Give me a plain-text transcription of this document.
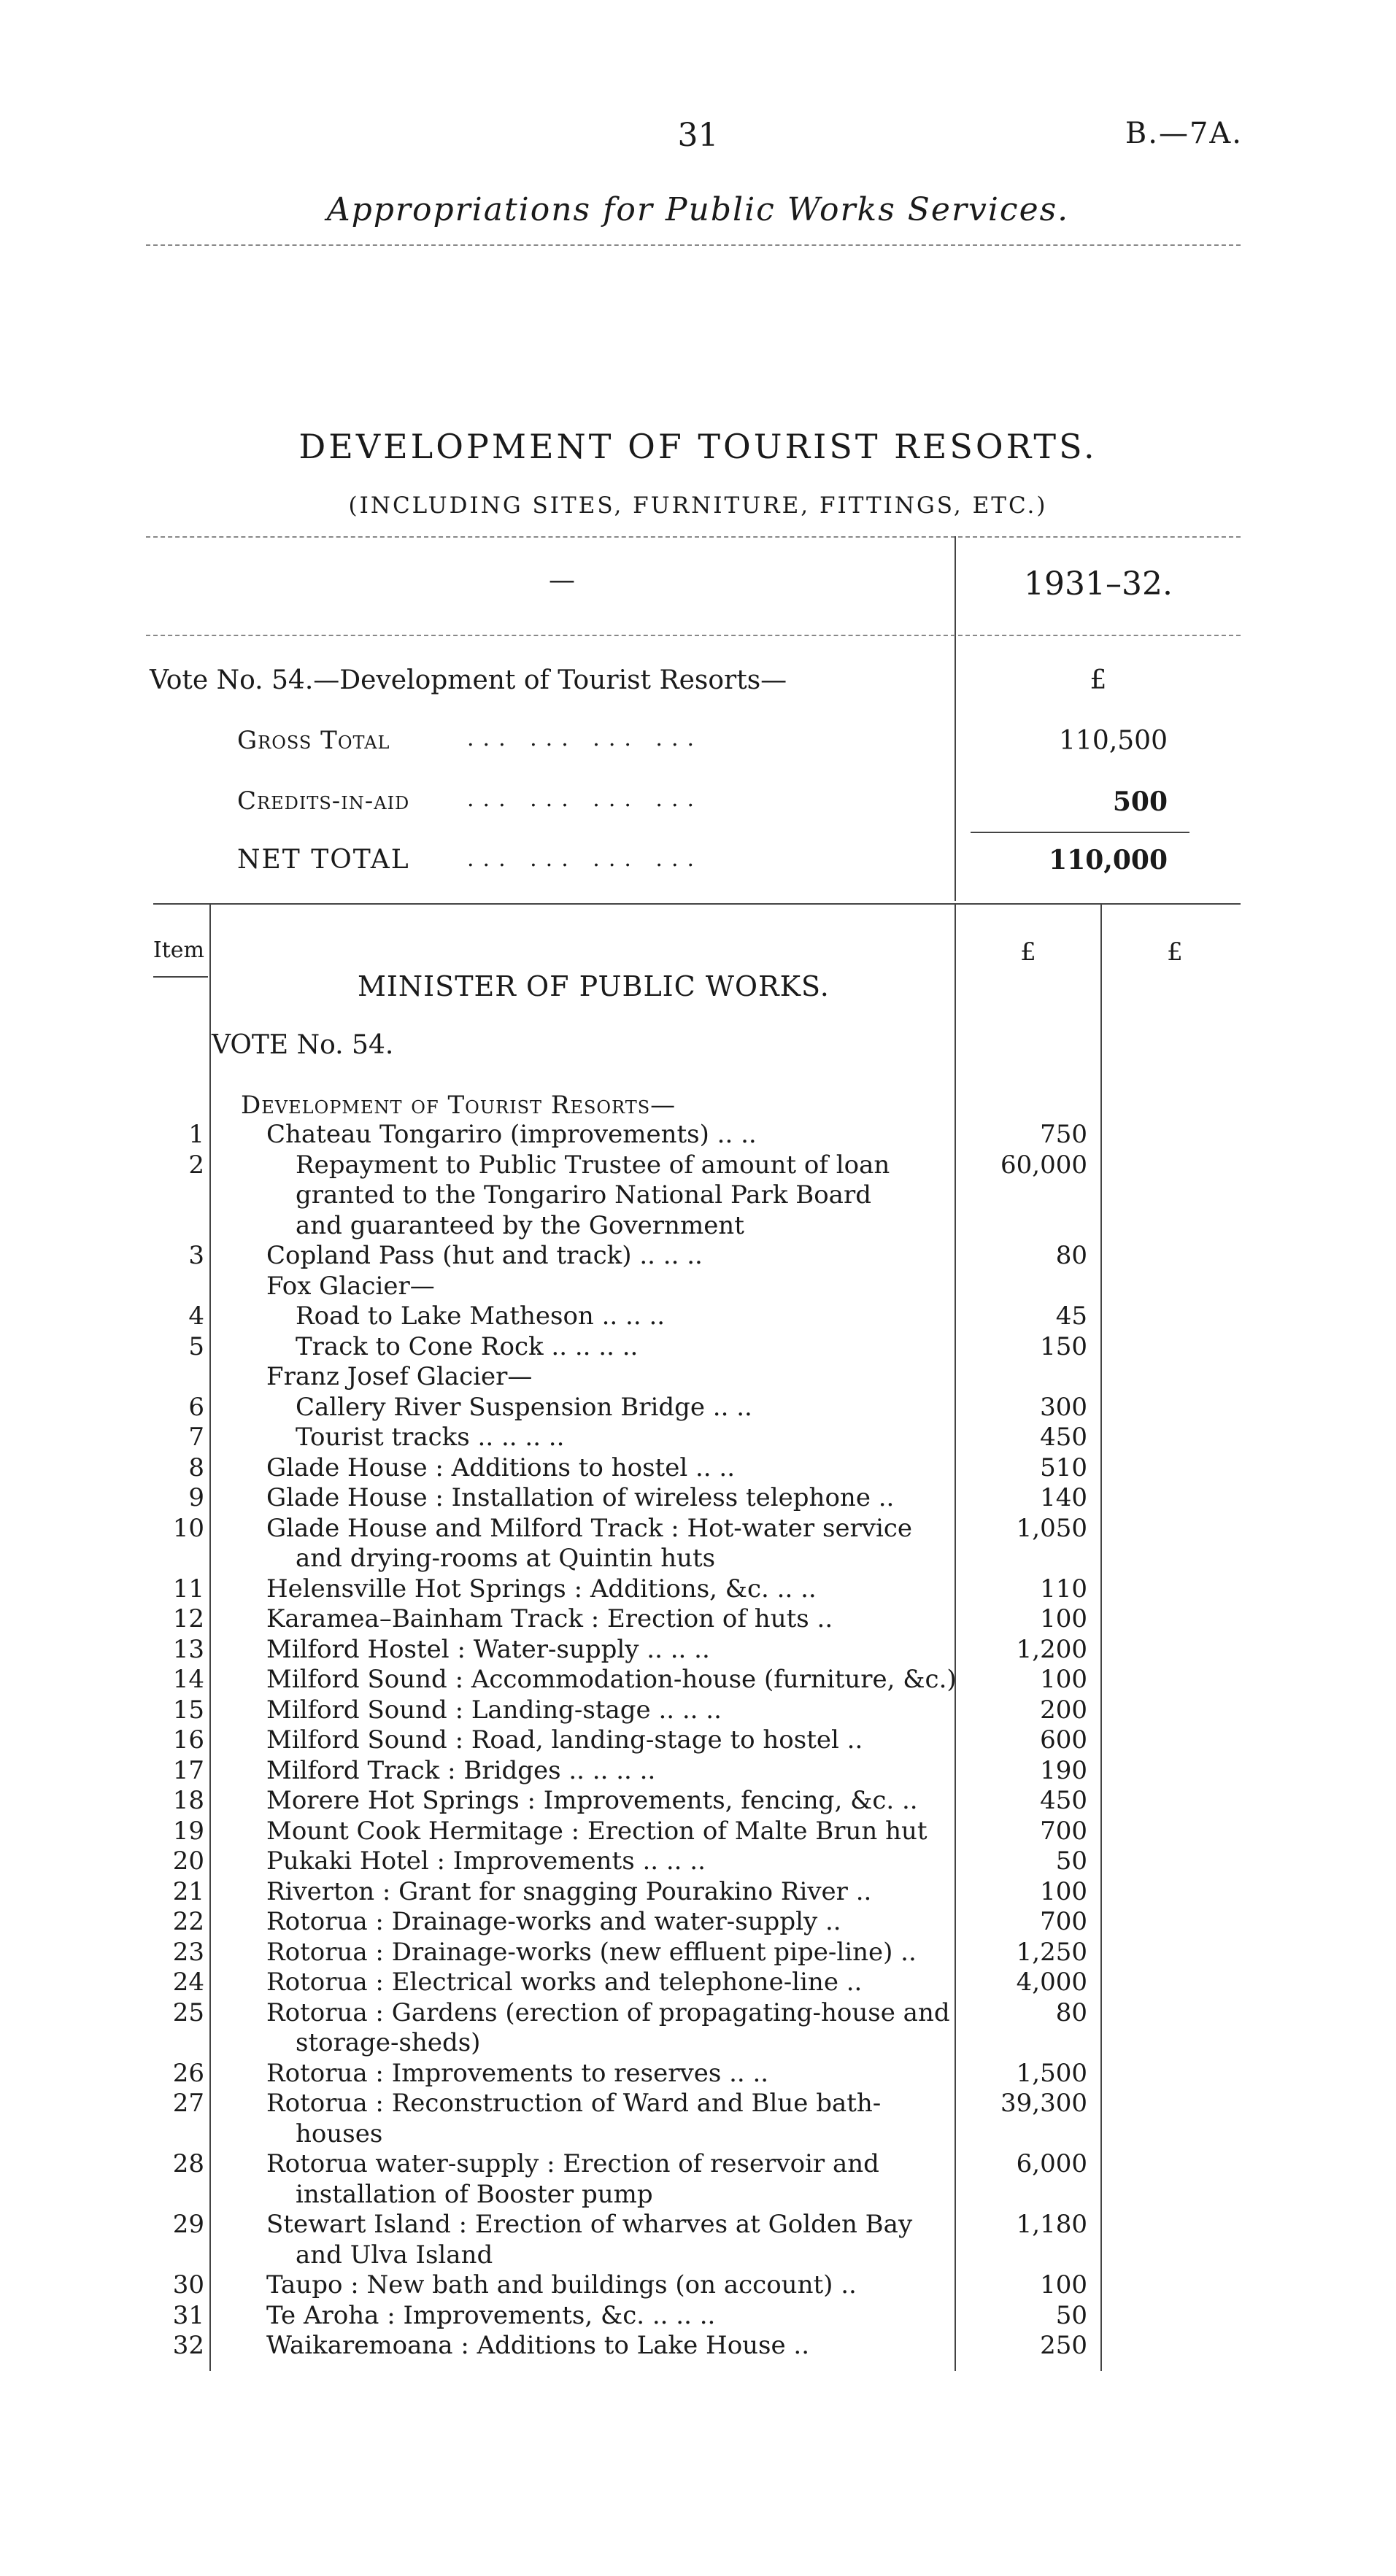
31	B.—7A.
Appropriations for Public Works Services.
DEVELOPMENT OF TOURIST RESORTS.
(INCLUDING SITES, FURNITURE, FITTINGS, ETC.)
—	1931–32.
Vote No. 54.—Development of Tourist Resorts—	£
Gross Total	... ... ... ...	110,500
Credits-in-aid	... ... ... ...	500
NET TOTAL	... ... ... ...	110,000
Item	£	£
MINISTER OF PUBLIC WORKS.
VOTE No. 54.
Development of Tourist Resorts—
1	Chateau Tongariro (improvements) .. ..	750
2	Repayment to Public Trustee of amount of loan	60,000
granted to the Tongariro National Park Board
and guaranteed by the Government
3	Copland Pass (hut and track) .. .. ..	80
Fox Glacier—
4	Road to Lake Matheson .. .. ..	45
5	Track to Cone Rock .. .. .. ..	150
Franz Josef Glacier—
6	Callery River Suspension Bridge .. ..	300
7	Tourist tracks .. .. .. ..	450
8	Glade House : Additions to hostel .. ..	510
9	Glade House : Installation of wireless telephone ..	140
10	Glade House and Milford Track : Hot-water service	1,050
and drying-rooms at Quintin huts
11	Helensville Hot Springs : Additions, &c. .. ..	110
12	Karamea–Bainham Track : Erection of huts ..	100
13	Milford Hostel : Water-supply .. .. ..	1,200
14	Milford Sound : Accommodation-house (furniture, &c.)	100
15	Milford Sound : Landing-stage .. .. ..	200
16	Milford Sound : Road, landing-stage to hostel ..	600
17	Milford Track : Bridges .. .. .. ..	190
18	Morere Hot Springs : Improvements, fencing, &c. ..	450
19	Mount Cook Hermitage : Erection of Malte Brun hut	700
20	Pukaki Hotel : Improvements .. .. ..	50
21	Riverton : Grant for snagging Pourakino River ..	100
22	Rotorua : Drainage-works and water-supply ..	700
23	Rotorua : Drainage-works (new effluent pipe-line) ..	1,250
24	Rotorua : Electrical works and telephone-line ..	4,000
25	Rotorua : Gardens (erection of propagating-house and	80
storage-sheds)
26	Rotorua : Improvements to reserves .. ..	1,500
27	Rotorua : Reconstruction of Ward and Blue bath-	39,300
houses
28	Rotorua water-supply : Erection of reservoir and	6,000
installation of Booster pump
29	Stewart Island : Erection of wharves at Golden Bay	1,180
and Ulva Island
30	Taupo : New bath and buildings (on account) ..	100
31	Te Aroha : Improvements, &c. .. .. ..	50
32	Waikaremoana : Additions to Lake House ..	250
